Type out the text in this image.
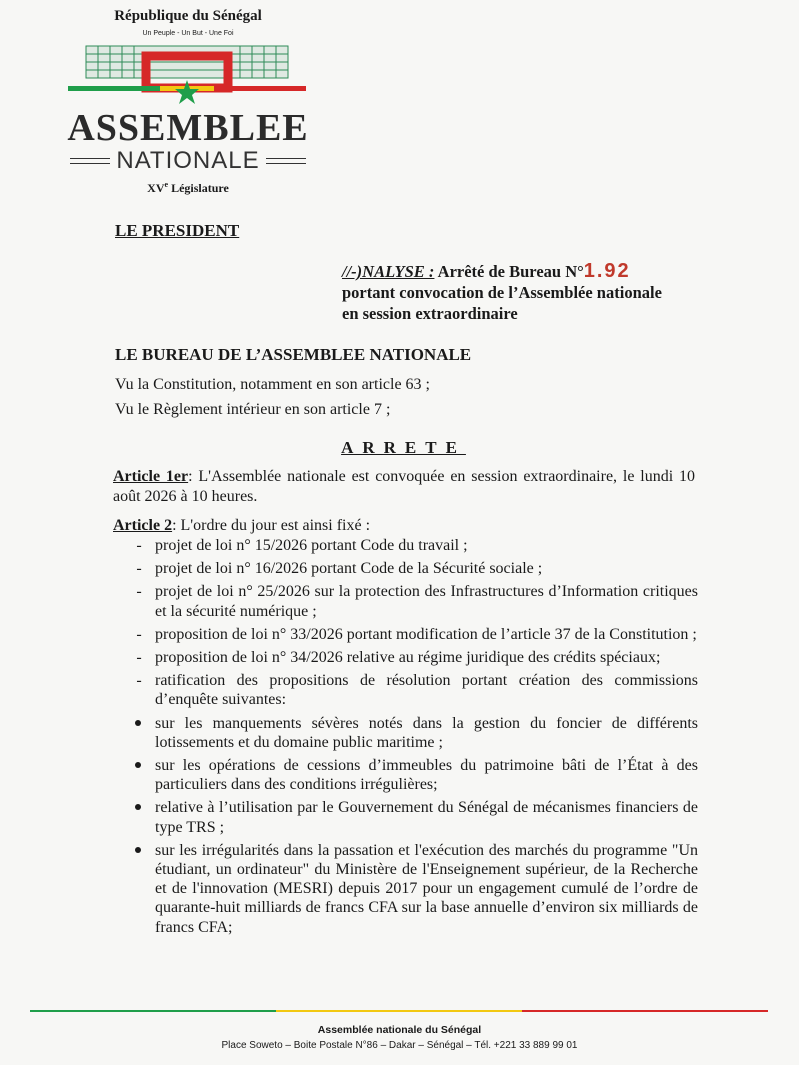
République du Sénégal
Un Peuple - Un But - Une Foi
ASSEMBLEE
NATIONALE
XVe Législature
LE PRESIDENT
//-)NALYSE : Arrêté de Bureau N°1.92
portant convocation de l’Assemblée nationale
en session extraordinaire
LE BUREAU DE L’ASSEMBLEE NATIONALE
Vu la Constitution, notamment en son article 63 ;
Vu le Règlement intérieur en son article 7 ;
ARRETE
Article 1er: L'Assemblée nationale est convoquée en session extraordinaire, le lundi 10 août 2026 à 10 heures.
Article 2: L'ordre du jour est ainsi fixé :
- projet de loi n° 15/2026 portant Code du travail ;
- projet de loi n° 16/2026 portant Code de la Sécurité sociale ;
- projet de loi n° 25/2026 sur la protection des Infrastructures d’Information critiques et la sécurité numérique ;
- proposition de loi n° 33/2026 portant modification de l’article 37 de la Constitution ;
- proposition de loi n° 34/2026 relative au régime juridique des crédits spéciaux;
- ratification des propositions de résolution portant création des commissions d’enquête suivantes:
sur les manquements sévères notés dans la gestion du foncier de différents lotissements et du domaine public maritime ;
sur les opérations de cessions d’immeubles du patrimoine bâti de l’État à des particuliers dans des conditions irrégulières;
relative à l’utilisation par le Gouvernement du Sénégal de mécanismes financiers de type TRS ;
sur les irrégularités dans la passation et l'exécution des marchés du programme "Un étudiant, un ordinateur" du Ministère de l'Enseignement supérieur, de la Recherche et de l'innovation (MESRI) depuis 2017 pour un engagement cumulé de l’ordre de quarante-huit milliards de francs CFA sur la base annuelle d’environ six milliards de francs CFA;
Assemblée nationale du Sénégal
Place Soweto – Boite Postale N°86 – Dakar – Sénégal – Tél. +221 33 889 99 01
